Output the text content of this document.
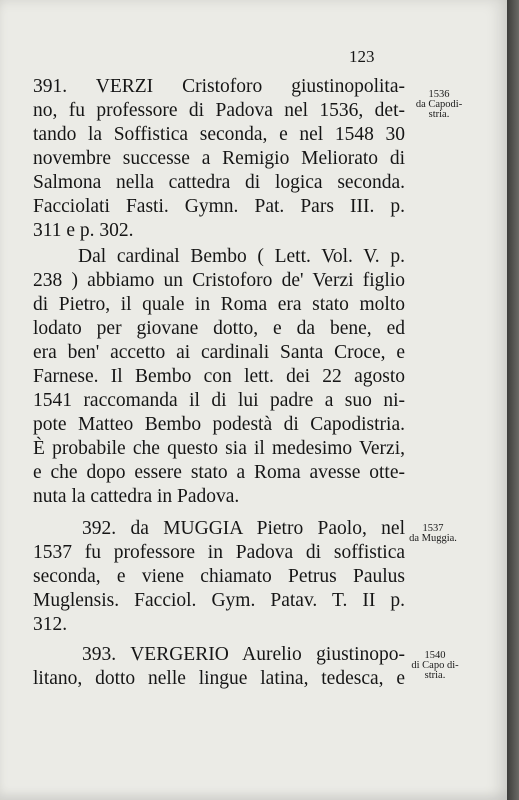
123

391. VERZI Cristoforo giustinopolita-

no, fu professore di Padova nel 1536, det-

tando la Soffistica seconda, e nel 1548 30

novembre successe a Remigio Meliorato di

Salmona nella cattedra di logica seconda.

Facciolati Fasti. Gymn. Pat. Pars III. p.

311 e p. 302.

Dal cardinal Bembo ( Lett. Vol. V. p.

238 ) abbiamo un Cristoforo de' Verzi figlio

di Pietro, il quale in Roma era stato molto

lodato per giovane dotto, e da bene, ed

era ben' accetto ai cardinali Santa Croce, e

Farnese. Il Bembo con lett. dei 22 agosto

1541 raccomanda il di lui padre a suo ni-

pote Matteo Bembo podestà di Capodistria.

È probabile che questo sia il medesimo Verzi,

e che dopo essere stato a Roma avesse otte-

nuta la cattedra in Padova.

392. da MUGGIA Pietro Paolo, nel

1537 fu professore in Padova di soffistica

seconda, e viene chiamato Petrus Paulus

Muglensis. Facciol. Gym. Patav. T. II p.

312.

393. VERGERIO Aurelio giustinopo-

litano, dotto nelle lingue latina, tedesca, e

1536
da Capodi-
stria.
1537
da Muggia.
1540
di Capo di-
stria.
